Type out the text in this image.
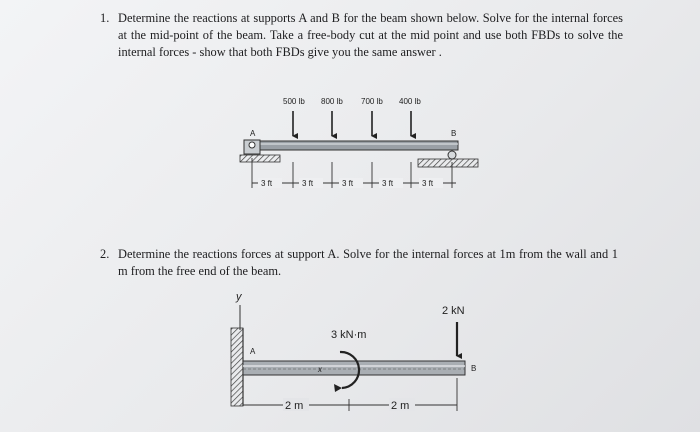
1. Determine the reactions at supports A and B for the beam shown below. Solve for the internal forces at the mid-point of the beam. Take a free-body cut at the mid point and use both FBDs to solve the internal forces - show that both FBDs give you the same answer .
2. Determine the reactions forces at support A. Solve for the internal forces at 1m from the wall and 1 m from the free end of the beam.
500 lb 800 lb 700 lb 400 lb
A	B
3 ft	3 ft	3 ft	3 ft	3 ft
y
A
x	B
3 kN·m
2 kN
2 m	2 m
